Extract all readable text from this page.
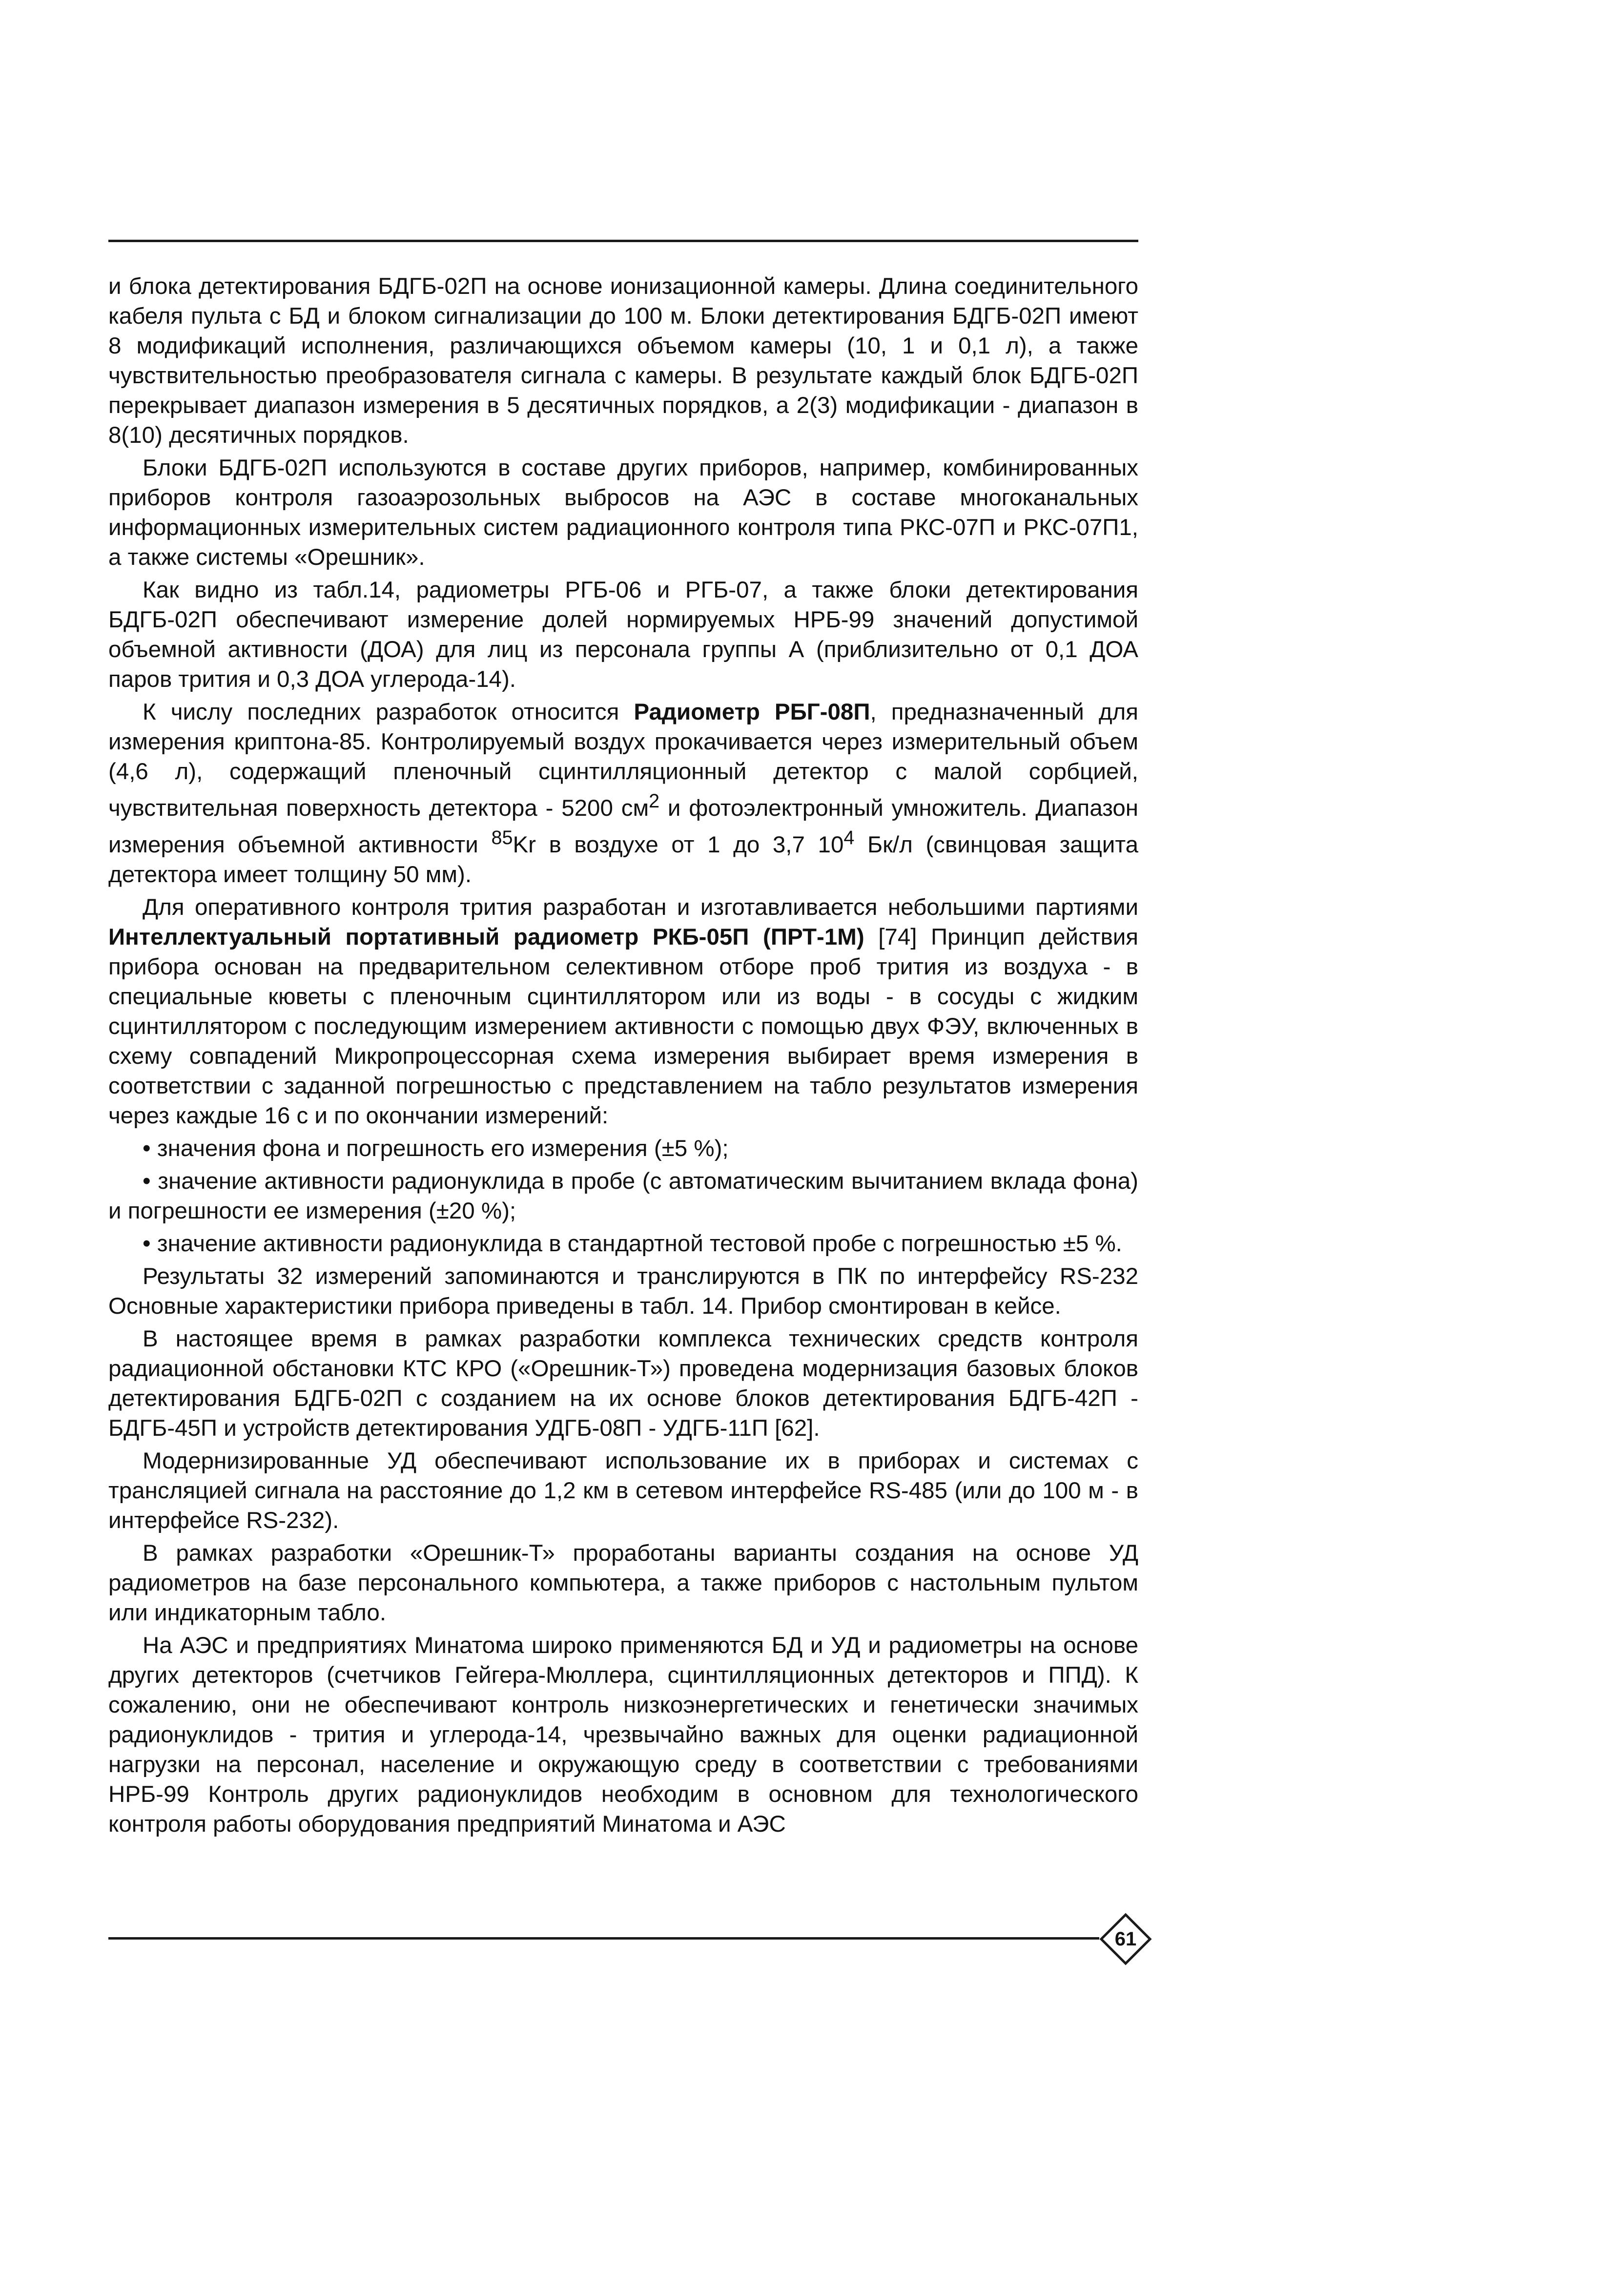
и блока детектирования БДГБ-02П на основе ионизационной камеры. Длина соединительного кабеля пульта с БД и блоком сигнализации до 100 м. Блоки детектирования БДГБ-02П имеют 8 модификаций исполнения, различающихся объемом камеры (10, 1 и 0,1 л), а также чувствительностью преобразователя сигнала с камеры. В результате каждый блок БДГБ-02П перекрывает диапазон измерения в 5 десятичных порядков, а 2(3) модификации - диапазон в 8(10) десятичных порядков.

Блоки БДГБ-02П используются в составе других приборов, например, комбинированных приборов контроля газоаэрозольных выбросов на АЭС в составе многоканальных информационных измерительных систем радиационного контроля типа РКС-07П и РКС-07П1, а также системы «Орешник».

Как видно из табл.14, радиометры РГБ-06 и РГБ-07, а также блоки детектирования БДГБ-02П обеспечивают измерение долей нормируемых НРБ-99 значений допустимой объемной активности (ДОА) для лиц из персонала группы А (приблизительно от 0,1 ДОА паров трития и 0,3 ДОА углерода-14).

К числу последних разработок относится Радиометр РБГ-08П, предназначенный для измерения криптона-85. Контролируемый воздух прокачивается через измерительный объем (4,6 л), содержащий пленочный сцинтилляционный детектор с малой сорбцией, чувствительная поверхность детектора - 5200 $см^2$ и фотоэлектронный умножитель. Диапазон измерения объемной активности $^{85}$Kr в воздухе от 1 до 3,7 $10^4$ Бк/л (свинцовая защита детектора имеет толщину 50 мм).

Для оперативного контроля трития разработан и изготавливается небольшими партиями Интеллектуальный портативный радиометр РКБ-05П (ПРТ-1М) [74] Принцип действия прибора основан на предварительном селективном отборе проб трития из воздуха - в специальные кюветы с пленочным сцинтиллятором или из воды - в сосуды с жидким сцинтиллятором с последующим измерением активности с помощью двух ФЭУ, включенных в схему совпадений Микропроцессорная схема измерения выбирает время измерения в соответствии с заданной погрешностью с представлением на табло результатов измерения через каждые 16 с и по окончании измерений:

• значения фона и погрешность его измерения (±5 %);

• значение активности радионуклида в пробе (с автоматическим вычитанием вклада фона) и погрешности ее измерения (±20 %);

• значение активности радионуклида в стандартной тестовой пробе с погрешностью ±5 %.

Результаты 32 измерений запоминаются и транслируются в ПК по интерфейсу RS-232 Основные характеристики прибора приведены в табл. 14. Прибор смонтирован в кейсе.

В настоящее время в рамках разработки комплекса технических средств контроля радиационной обстановки КТС КРО («Орешник-Т») проведена модернизация базовых блоков детектирования БДГБ-02П с созданием на их основе блоков детектирования БДГБ-42П - БДГБ-45П и устройств детектирования УДГБ-08П - УДГБ-11П [62].

Модернизированные УД обеспечивают использование их в приборах и системах с трансляцией сигнала на расстояние до 1,2 км в сетевом интерфейсе RS-485 (или до 100 м - в интерфейсе RS-232).

В рамках разработки «Орешник-Т» проработаны варианты создания на основе УД радиометров на базе персонального компьютера, а также приборов с настольным пультом или индикаторным табло.

На АЭС и предприятиях Минатома широко применяются БД и УД и радиометры на основе других детекторов (счетчиков Гейгера-Мюллера, сцинтилляционных детекторов и ППД). К сожалению, они не обеспечивают контроль низкоэнергетических и генетически значимых радионуклидов - трития и углерода-14, чрезвычайно важных для оценки радиационной нагрузки на персонал, население и окружающую среду в соответствии с требованиями НРБ-99 Контроль других радионуклидов необходим в основном для технологического контроля работы оборудования предприятий Минатома и АЭС

61
